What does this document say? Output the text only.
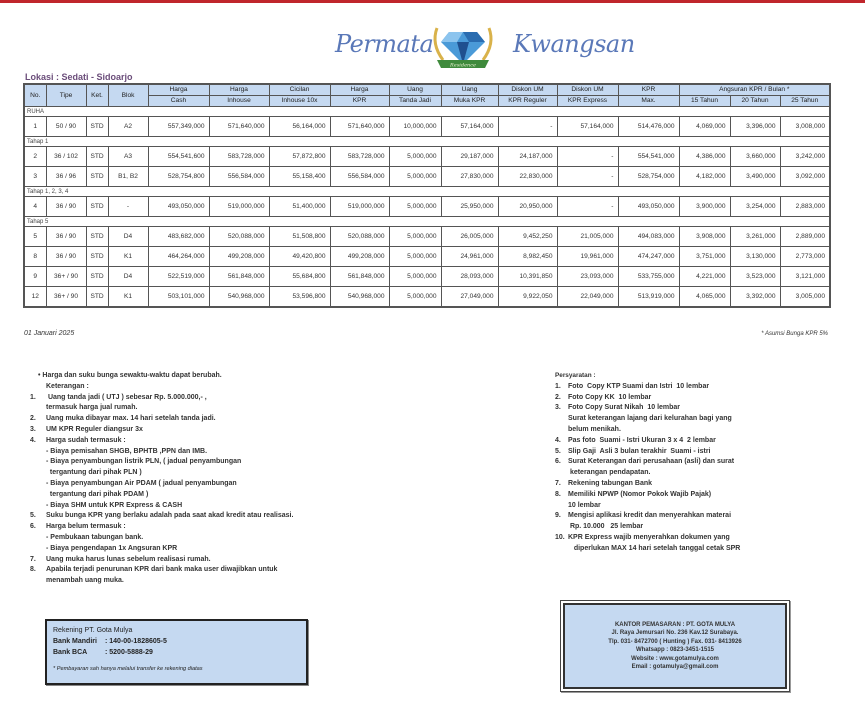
Permata
Residence
Kwangsan
Lokasi : Sedati - Sidoarjo
No.	Tipe	Ket.	Blok	Harga	Harga	Cicilan	Harga	Uang	Uang	Diskon UM	Diskon UM	KPR	Angsuran KPR / Bulan *		
				Cash	Inhouse	Inhouse 10x	KPR	Tanda Jadi	Muka KPR	KPR Reguler	KPR Express	Max.	15 Tahun	20 Tahun	25 Tahun
RUHA															
1	50 / 90	STD	A2	557,349,000	571,640,000	56,164,000	571,640,000	10,000,000	57,164,000	-	57,164,000	514,476,000	4,069,000	3,396,000	3,008,000
Tahap 1															
2	36 / 102	STD	A3	554,541,600	583,728,000	57,872,800	583,728,000	5,000,000	29,187,000	24,187,000	-	554,541,000	4,386,000	3,660,000	3,242,000
3	36 / 96	STD	B1, B2	528,754,800	556,584,000	55,158,400	556,584,000	5,000,000	27,830,000	22,830,000	-	528,754,000	4,182,000	3,490,000	3,092,000
Tahap 1, 2, 3, 4															
4	36 / 90	STD	-	493,050,000	519,000,000	51,400,000	519,000,000	5,000,000	25,950,000	20,950,000	-	493,050,000	3,900,000	3,254,000	2,883,000
Tahap 5															
5	36 / 90	STD	D4	483,682,000	520,088,000	51,508,800	520,088,000	5,000,000	26,005,000	9,452,250	21,005,000	494,083,000	3,908,000	3,261,000	2,889,000
8	36 / 90	STD	K1	464,264,000	499,208,000	49,420,800	499,208,000	5,000,000	24,961,000	8,982,450	19,961,000	474,247,000	3,751,000	3,130,000	2,773,000
9	36+ / 90	STD	D4	522,519,000	561,848,000	55,684,800	561,848,000	5,000,000	28,093,000	10,391,850	23,093,000	533,755,000	4,221,000	3,523,000	3,121,000
12	36+ / 90	STD	K1	503,101,000	540,968,000	53,596,800	540,968,000	5,000,000	27,049,000	9,922,050	22,049,000	513,919,000	4,065,000	3,392,000	3,005,000
01 Januari 2025	* Asumsi Bunga KPR 5%
• Harga dan suku bunga sewaktu-waktu dapat berubah.
Keterangan :
1.	Uang tanda jadi ( UTJ ) sebesar Rp. 5.000.000,- ,
termasuk harga jual rumah.
2.	Uang muka dibayar max. 14 hari setelah tanda jadi.
3.	UM KPR Reguler diangsur 3x
4.	Harga sudah termasuk :
- Biaya pemisahan SHGB, BPHTB ,PPN dan IMB.
- Biaya penyambungan listrik PLN, ( jadual penyambungan
tergantung dari pihak PLN )
- Biaya penyambungan Air PDAM ( jadual penyambungan
tergantung dari pihak PDAM )
- Biaya SHM untuk KPR Express & CASH
5.	Suku bunga KPR yang berlaku adalah pada saat akad kredit atau realisasi.
6.	Harga belum termasuk :
- Pembukaan tabungan bank.
- Biaya pengendapan 1x Angsuran KPR
7.	Uang muka harus lunas sebelum realisasi rumah.
8.	Apabila terjadi penurunan KPR dari bank maka user diwajibkan untuk
menambah uang muka.
Rekening PT. Gota Mulya
Bank Mandiri : 140-00-1828605-5
Bank BCA	: 5200-5888-29
* Pembayaran sah hanya melalui transfer ke rekening diatas
Persyaratan :
1.	Foto  Copy KTP Suami dan Istri  10 lembar
2.	Foto Copy KK  10 lembar
3.	Foto Copy Surat Nikah  10 lembar
Surat keterangan lajang dari kelurahan bagi yang
belum menikah.
4.	Pas foto  Suami - Istri Ukuran 3 x 4  2 lembar
5.	Slip Gaji  Asli 3 bulan terakhir  Suami - istri
6.	Surat Keterangan dari perusahaan (asli) dan surat
keterangan pendapatan.
7.	Rekening tabungan Bank
8.	Memiliki NPWP (Nomor Pokok Wajib Pajak)
10 lembar
9.	Mengisi aplikasi kredit dan menyerahkan materai
Rp. 10.000   25 lembar
10. KPR Express wajib menyerahkan dokumen yang
diperlukan MAX 14 hari setelah tanggal cetak SPR
KANTOR PEMASARAN : PT. GOTA MULYA
Jl. Raya Jemursari No. 236 Kav.12 Surabaya.
Tlp. 031- 8472700 ( Hunting ) Fax. 031- 8413926
Whatsapp : 0823-3451-1515
Website : www.gotamulya.com
Email : gotamulya@gmail.com
